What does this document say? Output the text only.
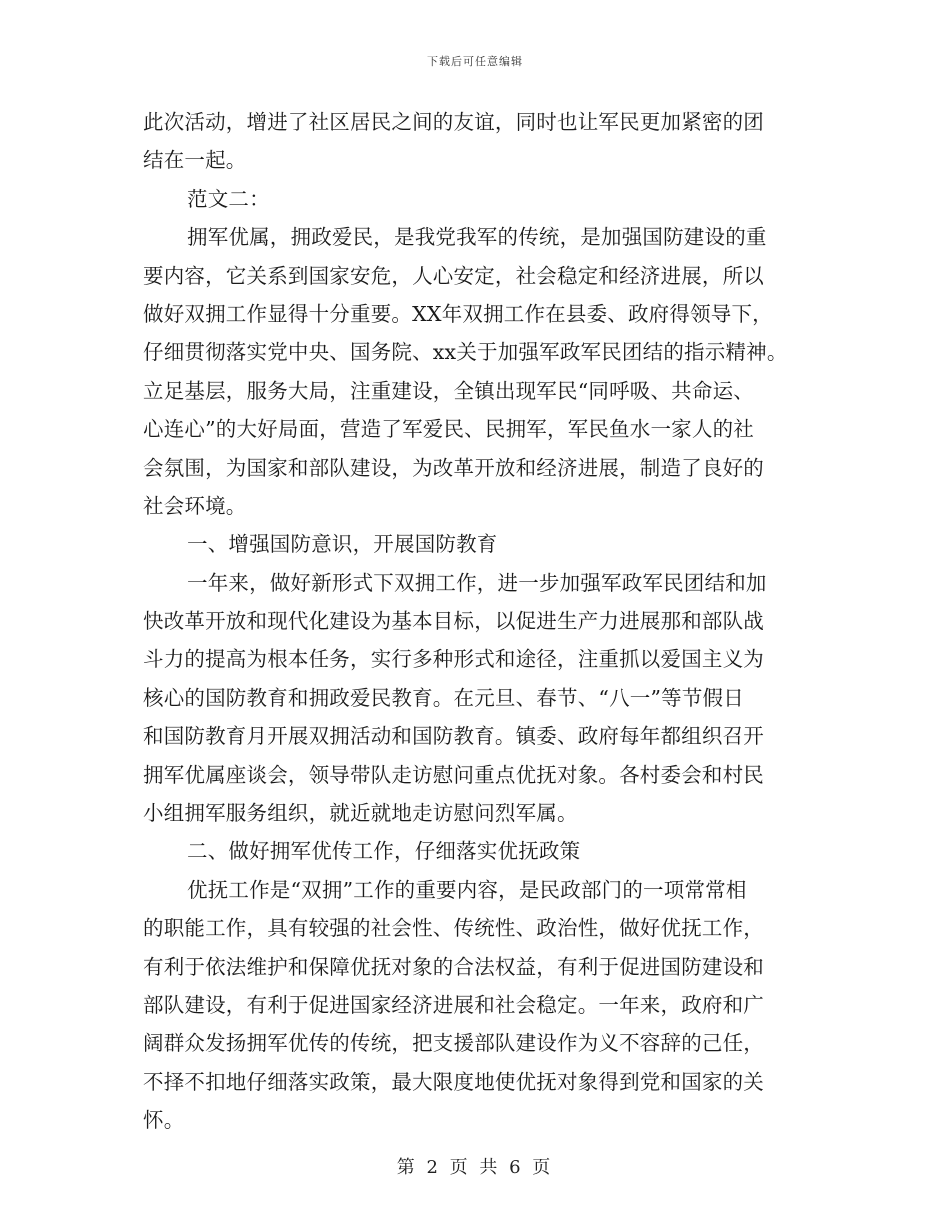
下载后可任意编辑
此次活动，增进了社区居民之间的友谊，同时也让军民更加紧密的团
结在一起。
范文二：
拥军优属，拥政爱民，是我党我军的传统，是加强国防建设的重
要内容，它关系到国家安危，人心安定，社会稳定和经济进展，所以
做好双拥工作显得十分重要。XX年双拥工作在县委、政府得领导下，
仔细贯彻落实党中央、国务院、xx关于加强军政军民团结的指示精神。
立足基层，服务大局，注重建设，全镇出现军民“同呼吸、共命运、
心连心”的大好局面，营造了军爱民、民拥军，军民鱼水一家人的社
会氛围，为国家和部队建设，为改革开放和经济进展，制造了良好的
社会环境。
一、增强国防意识，开展国防教育
一年来，做好新形式下双拥工作，进一步加强军政军民团结和加
快改革开放和现代化建设为基本目标，以促进生产力进展那和部队战
斗力的提高为根本任务，实行多种形式和途径，注重抓以爱国主义为
核心的国防教育和拥政爱民教育。在元旦、春节、“八一”等节假日
和国防教育月开展双拥活动和国防教育。镇委、政府每年都组织召开
拥军优属座谈会，领导带队走访慰问重点优抚对象。各村委会和村民
小组拥军服务组织，就近就地走访慰问烈军属。
二、做好拥军优传工作，仔细落实优抚政策
优抚工作是“双拥”工作的重要内容，是民政部门的一项常常相
的职能工作，具有较强的社会性、传统性、政治性，做好优抚工作，
有利于依法维护和保障优抚对象的合法权益，有利于促进国防建设和
部队建设，有利于促进国家经济进展和社会稳定。一年来，政府和广
阔群众发扬拥军优传的传统，把支援部队建设作为义不容辞的己任，
不择不扣地仔细落实政策，最大限度地使优抚对象得到党和国家的关
怀。
第 2 页 共 6 页
